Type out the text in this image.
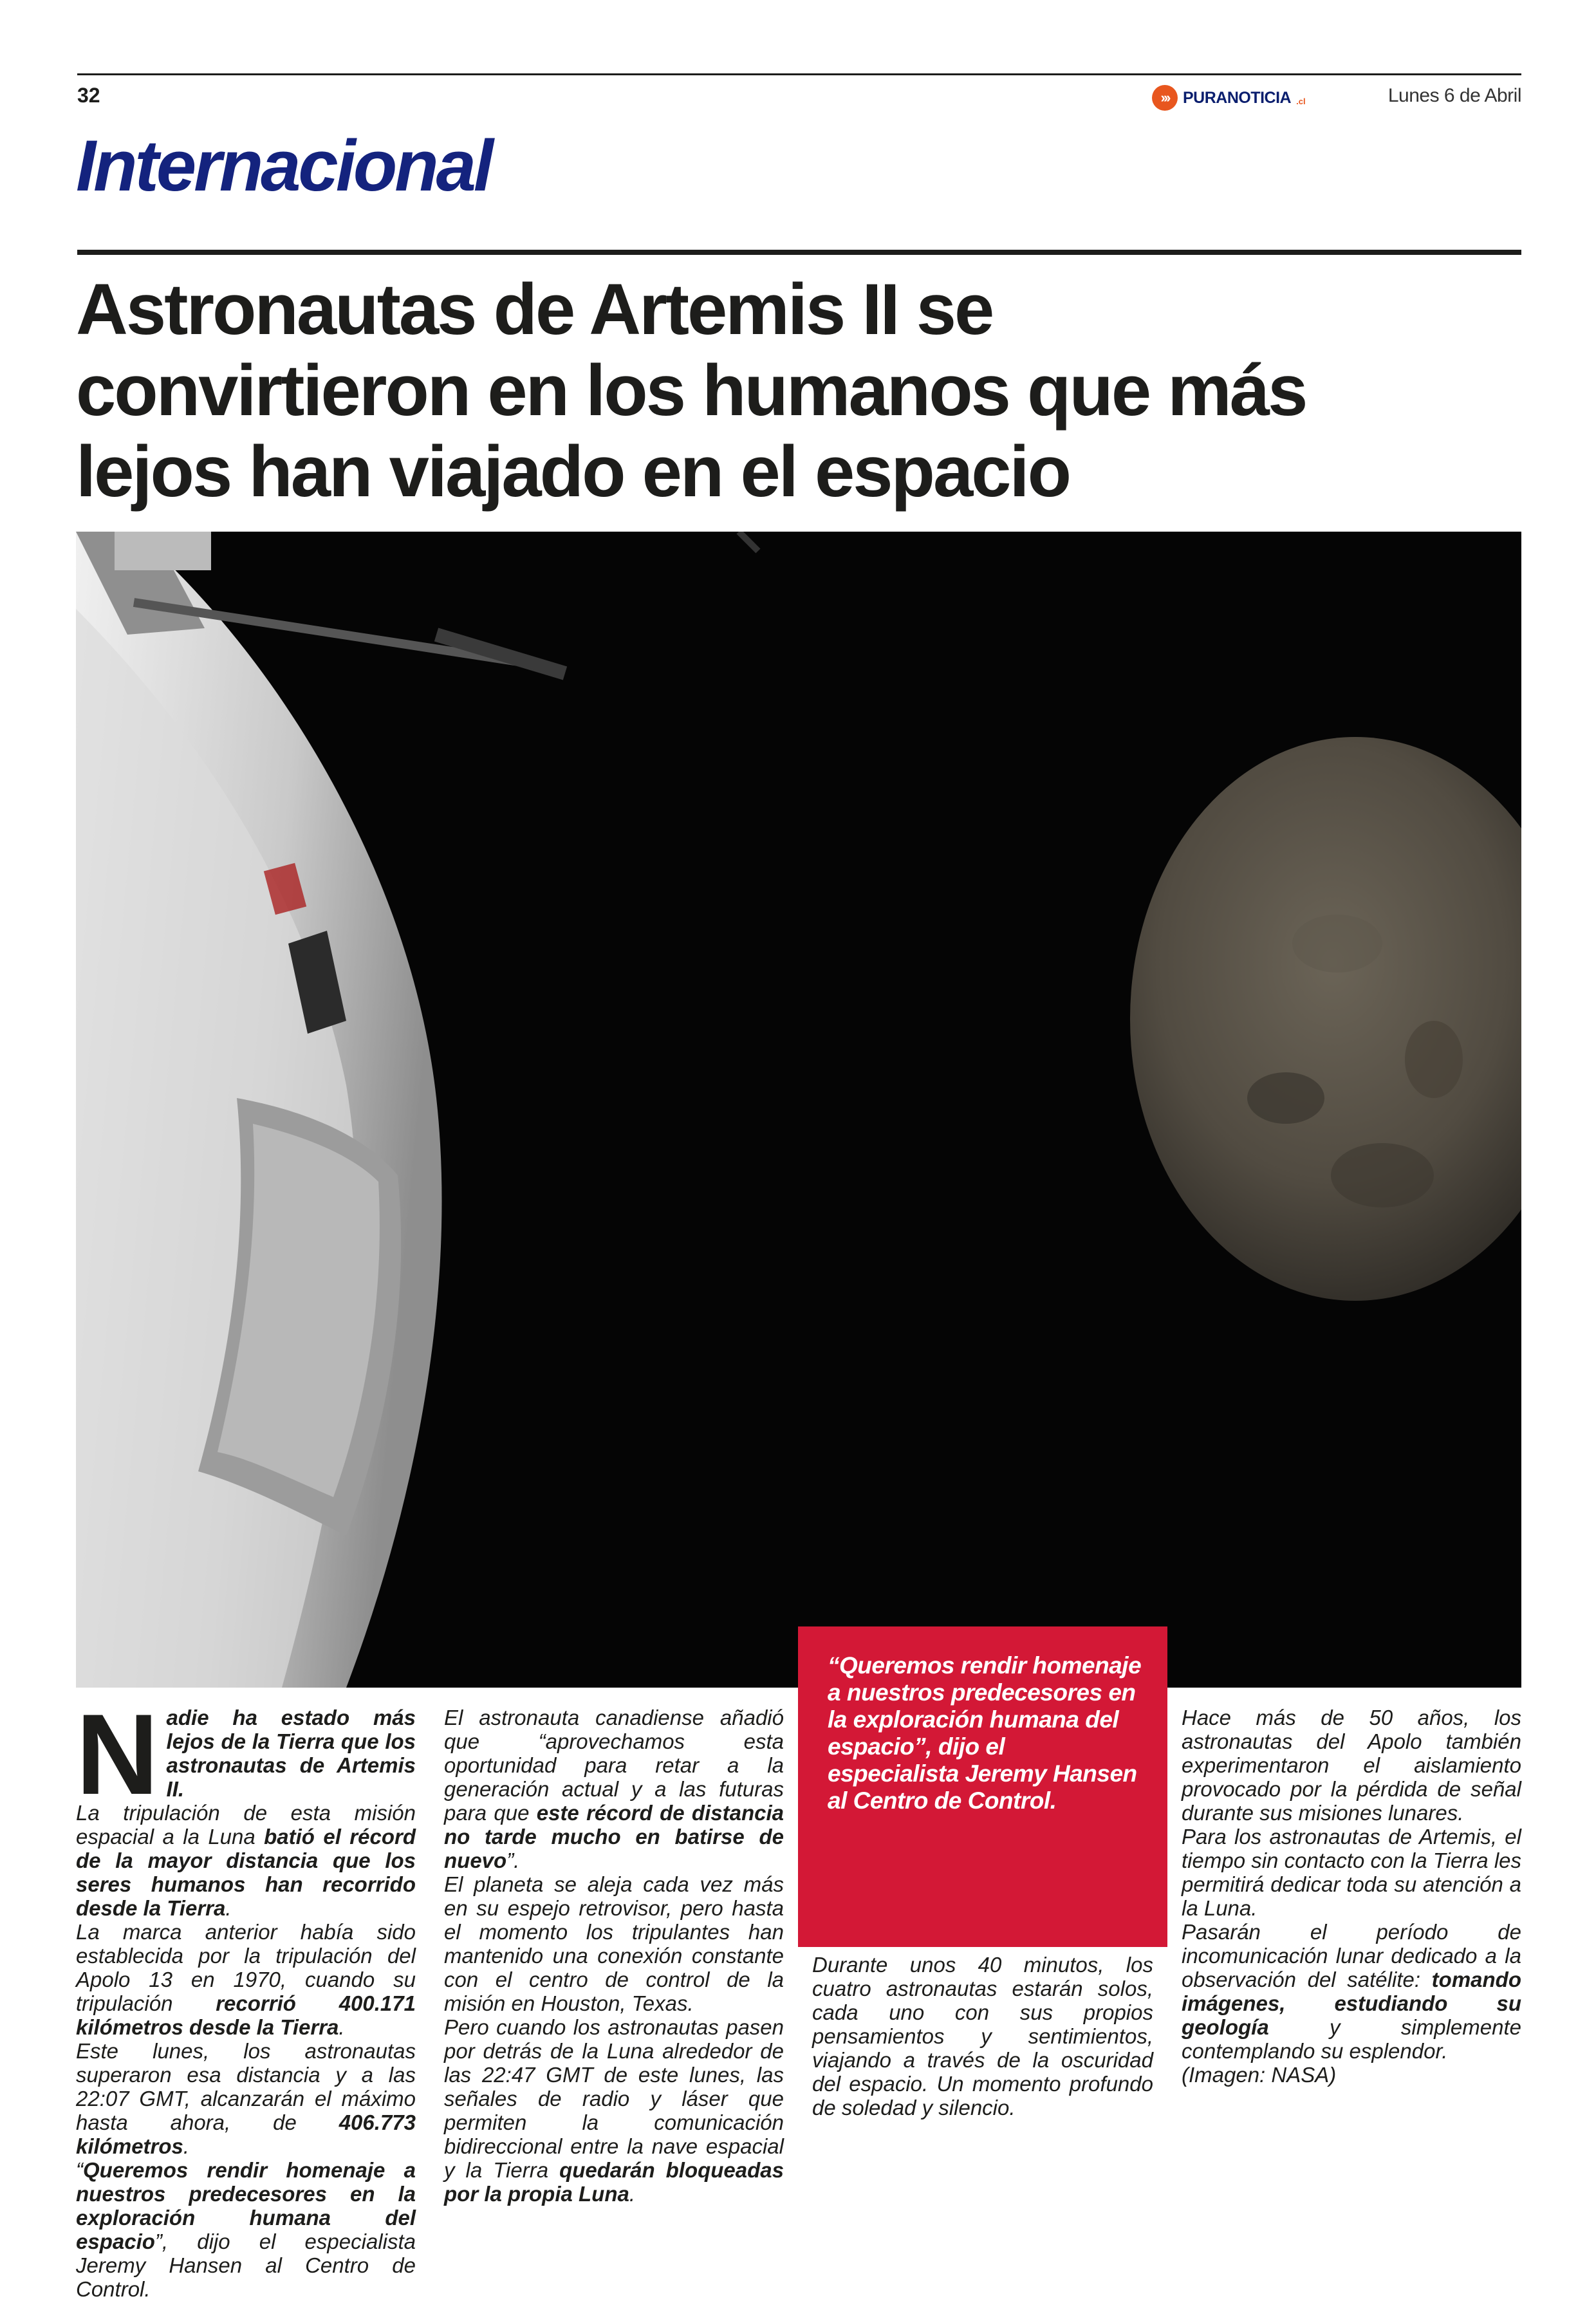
32	››› PURANOTICIA .cl	Lunes 6 de Abril
Internacional
Astronautas de Artemis II se
convirtieron en los humanos que más
lejos han viajado en el espacio
“Queremos rendir homenaje a nuestros predecesores en la exploración humana del espacio”, dijo el especialista Jeremy Hansen al Centro de Control.
N adie ha estado más lejos de la Tierra que los astronautas de Artemis II.

La tripulación de esta misión espacial a la Luna batió el récord de la mayor distancia que los seres humanos han recorrido desde la Tierra.

La marca anterior había sido establecida por la tripulación del Apolo 13 en 1970, cuando su tripulación recorrió 400.171 kilómetros desde la Tierra.

Este lunes, los astronautas superaron esa distancia y a las 22:07 GMT, alcanzarán el máximo hasta ahora, de 406.773 kilómetros.

“Queremos rendir homenaje a nuestros predecesores en la exploración humana del espacio”, dijo el especialista Jeremy Hansen al Centro de Control.

El astronauta canadiense añadió que “aprovechamos esta oportunidad para retar a la generación actual y a las futuras para que este récord de distancia no tarde mucho en batirse de nuevo”.

El planeta se aleja cada vez más en su espejo retrovisor, pero hasta el momento los tripulantes han mantenido una conexión constante con el centro de control de la misión en Houston, Texas.

Pero cuando los astronautas pasen por detrás de la Luna alrededor de las 22:47 GMT de este lunes, las señales de radio y láser que permiten la comunicación bidireccional entre la nave espacial y la Tierra quedarán bloqueadas por la propia Luna.

Durante unos 40 minutos, los cuatro astronautas estarán solos, cada uno con sus propios pensamientos y sentimientos, viajando a través de la oscuridad del espacio. Un momento profundo de soledad y silencio.

Hace más de 50 años, los astronautas del Apolo también experimentaron el aislamiento provocado por la pérdida de señal durante sus misiones lunares.

Para los astronautas de Artemis, el tiempo sin contacto con la Tierra les permitirá dedicar toda su atención a la Luna.

Pasarán el período de incomunicación lunar dedicado a la observación del satélite: tomando imágenes, estudiando su geología y simplemente contemplando su esplendor.

(Imagen: NASA)
